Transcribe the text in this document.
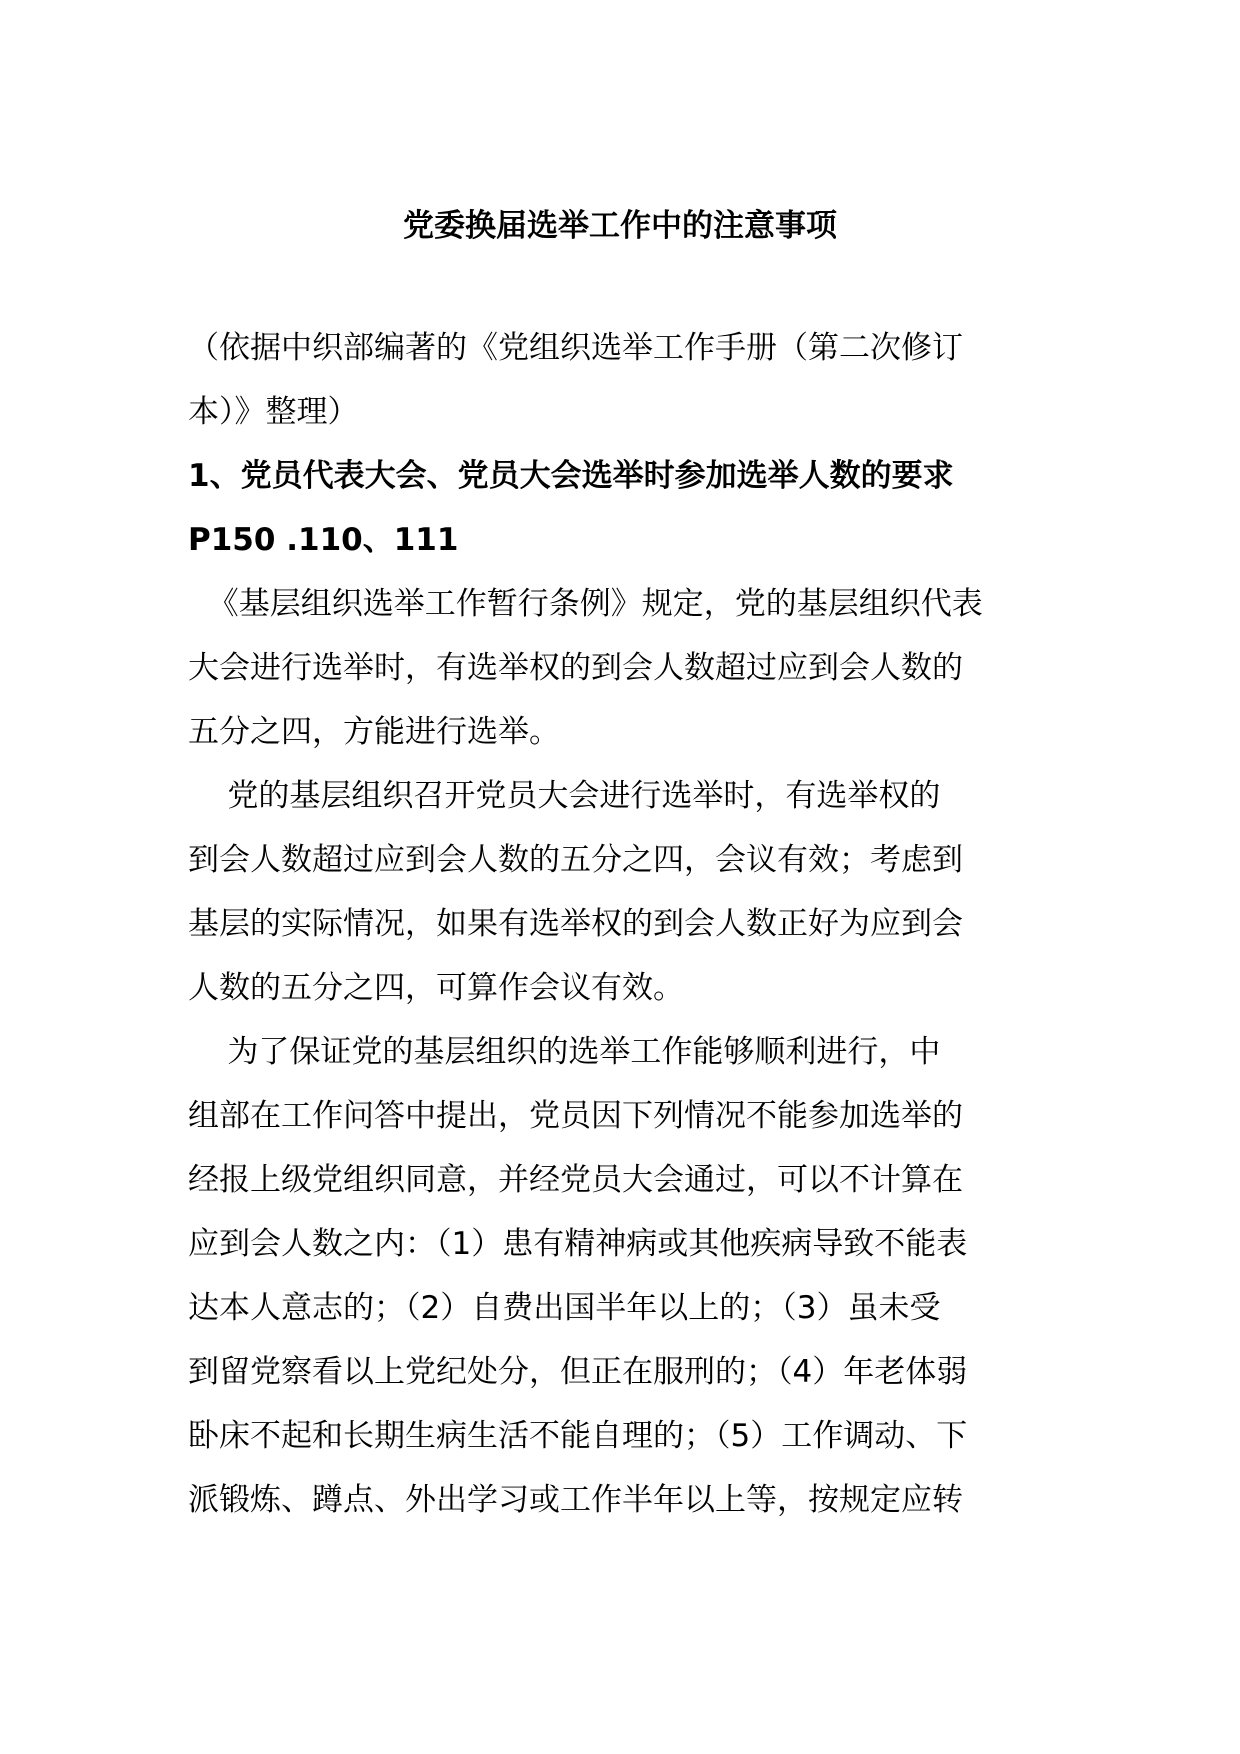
党委换届选举工作中的注意事项

（依据中织部编著的《党组织选举工作手册（第二次修订

本）》整理）

1、党员代表大会、党员大会选举时参加选举人数的要求

P150 .110、111

《基层组织选举工作暂行条例》规定，党的基层组织代表

大会进行选举时，有选举权的到会人数超过应到会人数的

五分之四，方能进行选举。

党的基层组织召开党员大会进行选举时，有选举权的

到会人数超过应到会人数的五分之四，会议有效；考虑到

基层的实际情况，如果有选举权的到会人数正好为应到会

人数的五分之四，可算作会议有效。

为了保证党的基层组织的选举工作能够顺利进行，中

组部在工作问答中提出，党员因下列情况不能参加选举的

经报上级党组织同意，并经党员大会通过，可以不计算在

应到会人数之内：（1）患有精神病或其他疾病导致不能表

达本人意志的；（2）自费出国半年以上的；（3）虽未受

到留党察看以上党纪处分，但正在服刑的；（4）年老体弱

卧床不起和长期生病生活不能自理的；（5）工作调动、下

派锻炼、蹲点、外出学习或工作半年以上等，按规定应转
